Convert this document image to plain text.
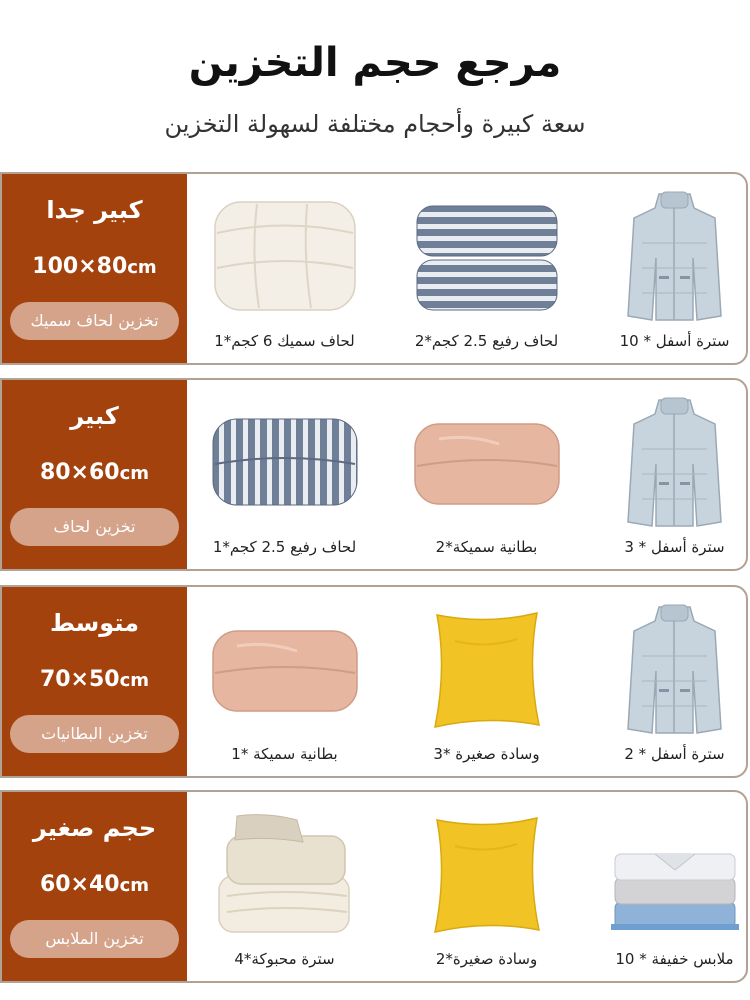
مرجع حجم التخزين
سعة كبيرة وأحجام مختلفة لسهولة التخزين
كبير جدا
100×80cm
تخزين لحاف سميك
لحاف سميك 6 كجم*1	لحاف رفيع 2.5 كجم*2	سترة أسفل * 10
كبير
80×60cm
تخزين لحاف
لحاف رفيع 2.5 كجم*1	بطانية سميكة*2	سترة أسفل * 3
متوسط
70×50cm
تخزين البطانيات
بطانية سميكة *1	وسادة صغيرة *3	سترة أسفل * 2
حجم صغير
60×40cm
تخزين الملابس
سترة محبوكة*4	وسادة صغيرة*2	ملابس خفيفة * 10
